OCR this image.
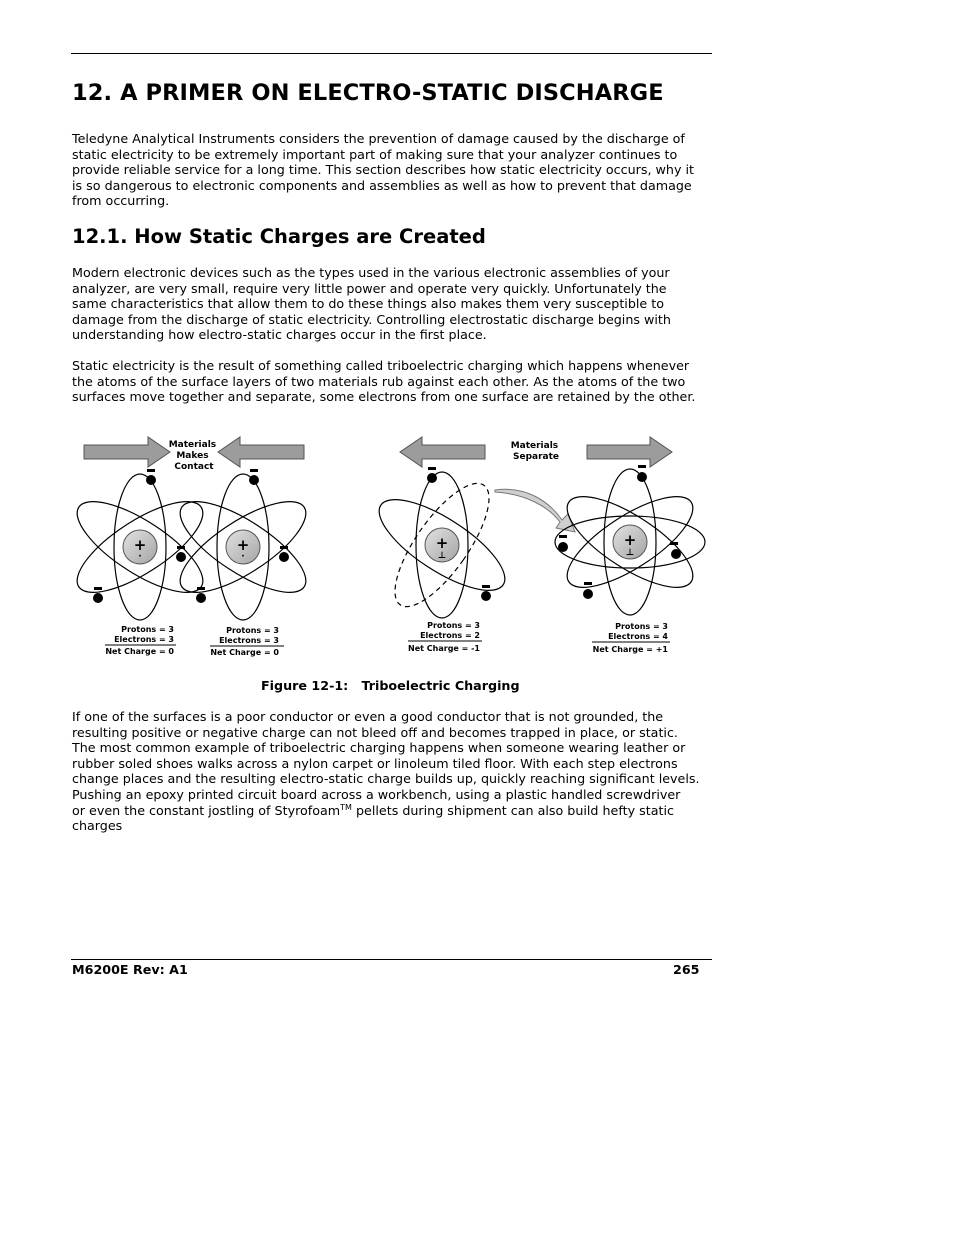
12. A PRIMER ON ELECTRO-STATIC DISCHARGE

Teledyne Analytical Instruments considers the prevention of damage caused by the discharge of
static electricity to be extremely important part of making sure that your analyzer continues to
provide reliable service for a long time. This section describes how static electricity occurs, why it
is so dangerous to electronic components and assemblies as well as how to prevent that damage
from occurring.

12.1. How Static Charges are Created

Modern electronic devices such as the types used in the various electronic assemblies of your
analyzer, are very small, require very little power and operate very quickly. Unfortunately the
same characteristics that allow them to do these things also makes them very susceptible to
damage from the discharge of static electricity. Controlling electrostatic discharge begins with
understanding how electro-static charges occur in the first place.

Static electricity is the result of something called triboelectric charging which happens whenever
the atoms of the surface layers of two materials rub against each other. As the atoms of the two
surfaces move together and separate, some electrons from one surface are retained by the other.

Materials Makes Contact
Materials Separate
+
·
+
·
+
⊥
+
⊥
Protons = 3
Electrons = 3
Net Charge = 0
Protons = 3
Electrons = 3
Net Charge = 0
Protons = 3
Electrons = 2
Net Charge = -1
Protons = 3
Electrons = 4
Net Charge = +1

Figure 12-1:   Triboelectric Charging

If one of the surfaces is a poor conductor or even a good conductor that is not grounded, the
resulting positive or negative charge can not bleed off and becomes trapped in place, or static.
The most common example of triboelectric charging happens when someone wearing leather or
rubber soled shoes walks across a nylon carpet or linoleum tiled floor. With each step electrons
change places and the resulting electro-static charge builds up, quickly reaching significant levels.
Pushing an epoxy printed circuit board across a workbench, using a plastic handled screwdriver
or even the constant jostling of Styrofoam™ pellets during shipment can also build hefty static
charges

M6200E Rev: A1	265
